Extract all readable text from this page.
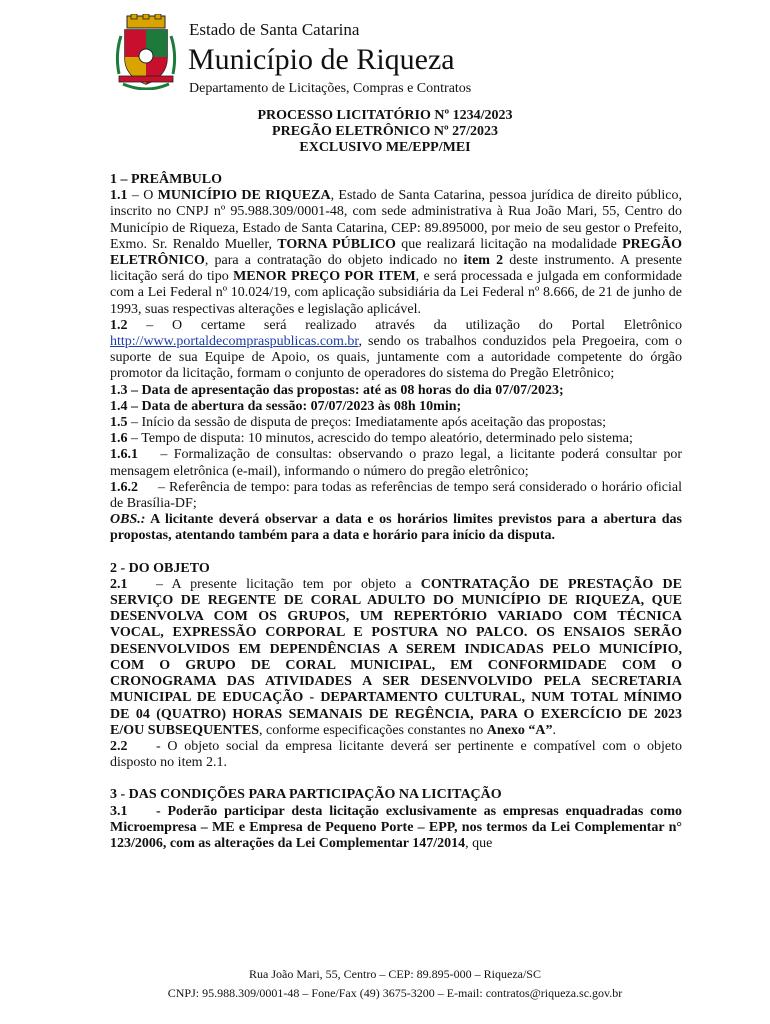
Estado de Santa Catarina
Município de Riqueza
Departamento de Licitações, Compras e Contratos
PROCESSO LICITATÓRIO Nº 1234/2023
PREGÃO ELETRÔNICO Nº 27/2023
EXCLUSIVO ME/EPP/MEI
1 – PREÂMBULO

1.1 – O MUNICÍPIO DE RIQUEZA, Estado de Santa Catarina, pessoa jurídica de direito público, inscrito no CNPJ nº 95.988.309/0001-48, com sede administrativa à Rua João Mari, 55, Centro do Município de Riqueza, Estado de Santa Catarina, CEP: 89.895000, por meio de seu gestor o Prefeito, Exmo. Sr. Renaldo Mueller, TORNA PÚBLICO que realizará licitação na modalidade PREGÃO ELETRÔNICO, para a contratação do objeto indicado no item 2 deste instrumento. A presente licitação será do tipo MENOR PREÇO POR ITEM, e será processada e julgada em conformidade com a Lei Federal nº 10.024/19, com aplicação subsidiária da Lei Federal nº 8.666, de 21 de junho de 1993, suas respectivas alterações e legislação aplicável.

1.2 – O certame será realizado através da utilização do Portal Eletrônico http://www.portaldecompraspublicas.com.br, sendo os trabalhos conduzidos pela Pregoeira, com o suporte de sua Equipe de Apoio, os quais, juntamente com a autoridade competente do órgão promotor da licitação, formam o conjunto de operadores do sistema do Pregão Eletrônico;

1.3 – Data de apresentação das propostas: até as 08 horas do dia 07/07/2023;

1.4 – Data de abertura da sessão: 07/07/2023 às 08h 10min;

1.5 – Início da sessão de disputa de preços: Imediatamente após aceitação das propostas;

1.6 – Tempo de disputa: 10 minutos, acrescido do tempo aleatório, determinado pelo sistema;

1.6.1 – Formalização de consultas: observando o prazo legal, a licitante poderá consultar por mensagem eletrônica (e-mail), informando o número do pregão eletrônico;

1.6.2 – Referência de tempo: para todas as referências de tempo será considerado o horário oficial de Brasília-DF;

OBS.: A licitante deverá observar a data e os horários limites previstos para a abertura das propostas, atentando também para a data e horário para início da disputa.

2 - DO OBJETO

2.1 – A presente licitação tem por objeto a CONTRATAÇÃO DE PRESTAÇÃO DE SERVIÇO DE REGENTE DE CORAL ADULTO DO MUNICÍPIO DE RIQUEZA, QUE DESENVOLVA COM OS GRUPOS, UM REPERTÓRIO VARIADO COM TÉCNICA VOCAL, EXPRESSÃO CORPORAL E POSTURA NO PALCO. OS ENSAIOS SERÃO DESENVOLVIDOS EM DEPENDÊNCIAS A SEREM INDICADAS PELO MUNICÍPIO, COM O GRUPO DE CORAL MUNICIPAL, EM CONFORMIDADE COM O CRONOGRAMA DAS ATIVIDADES A SER DESENVOLVIDO PELA SECRETARIA MUNICIPAL DE EDUCAÇÃO - DEPARTAMENTO CULTURAL, NUM TOTAL MÍNIMO DE 04 (QUATRO) HORAS SEMANAIS DE REGÊNCIA, PARA O EXERCÍCIO DE 2023 E/OU SUBSEQUENTES, conforme especificações constantes no Anexo “A”.

2.2 - O objeto social da empresa licitante deverá ser pertinente e compatível com o objeto disposto no item 2.1.

3 - DAS CONDIÇÕES PARA PARTICIPAÇÃO NA LICITAÇÃO

3.1 - Poderão participar desta licitação exclusivamente as empresas enquadradas como Microempresa – ME e Empresa de Pequeno Porte – EPP, nos termos da Lei Complementar n° 123/2006, com as alterações da Lei Complementar 147/2014, que

Rua João Mari, 55, Centro – CEP: 89.895-000 – Riqueza/SC
CNPJ: 95.988.309/0001-48 – Fone/Fax (49) 3675-3200 – E-mail: contratos@riqueza.sc.gov.br
